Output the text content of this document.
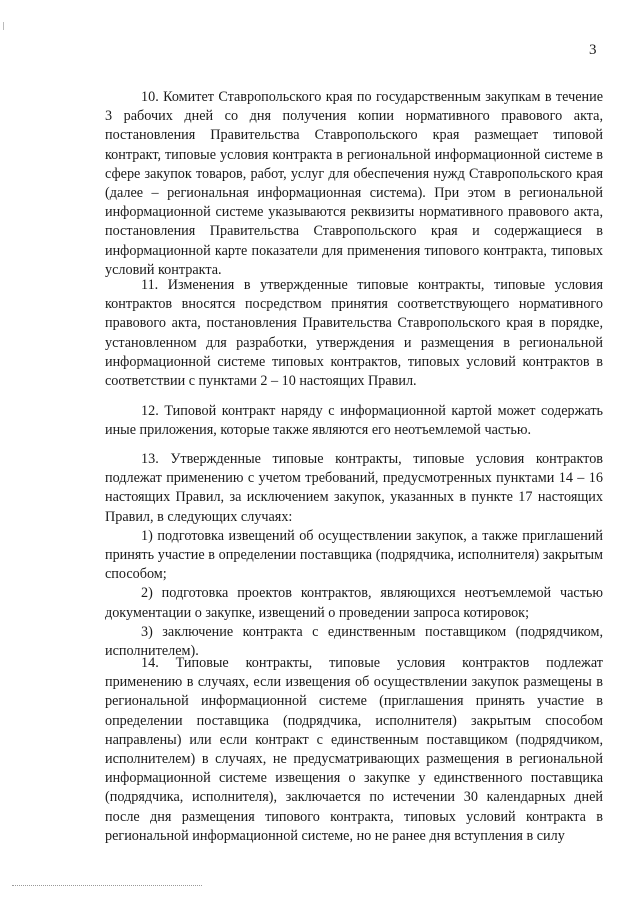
3

10. Комитет Ставропольского края по государственным закупкам в течение 3 рабочих дней со дня получения копии нормативного правового акта, постановления Правительства Ставропольского края размещает типовой контракт, типовые условия контракта в региональной информационной системе в сфере закупок товаров, работ, услуг для обеспечения нужд Ставропольского края (далее – региональная информационная система). При этом в региональной информационной системе указываются реквизиты нормативного правового акта, постановления Правительства Ставропольского края и содержащиеся в информационной карте показатели для применения типового контракта, типовых условий контракта.

11. Изменения в утвержденные типовые контракты, типовые условия контрактов вносятся посредством принятия соответствующего нормативного правового акта, постановления Правительства Ставропольского края в порядке, установленном для разработки, утверждения и размещения в региональной информационной системе типовых контрактов, типовых условий контрактов в соответствии с пунктами 2 – 10 настоящих Правил.

12. Типовой контракт наряду с информационной картой может содержать иные приложения, которые также являются его неотъемлемой частью.

13. Утвержденные типовые контракты, типовые условия контрактов подлежат применению с учетом требований, предусмотренных пунктами 14 – 16 настоящих Правил, за исключением закупок, указанных в пункте 17 настоящих Правил, в следующих случаях:

1) подготовка извещений об осуществлении закупок, а также приглашений принять участие в определении поставщика (подрядчика, исполнителя) закрытым способом;

2) подготовка проектов контрактов, являющихся неотъемлемой частью документации о закупке, извещений о проведении запроса котировок;

3) заключение контракта с единственным поставщиком (подрядчиком, исполнителем).

14. Типовые контракты, типовые условия контрактов подлежат применению в случаях, если извещения об осуществлении закупок размещены в региональной информационной системе (приглашения принять участие в определении поставщика (подрядчика, исполнителя) закрытым способом направлены) или если контракт с единственным поставщиком (подрядчиком, исполнителем) в случаях, не предусматривающих размещения в региональной информационной системе извещения о закупке у единственного поставщика (подрядчика, исполнителя), заключается по истечении 30 календарных дней после дня размещения типового контракта, типовых условий контракта в региональной информационной системе, но не ранее дня вступления в силу
